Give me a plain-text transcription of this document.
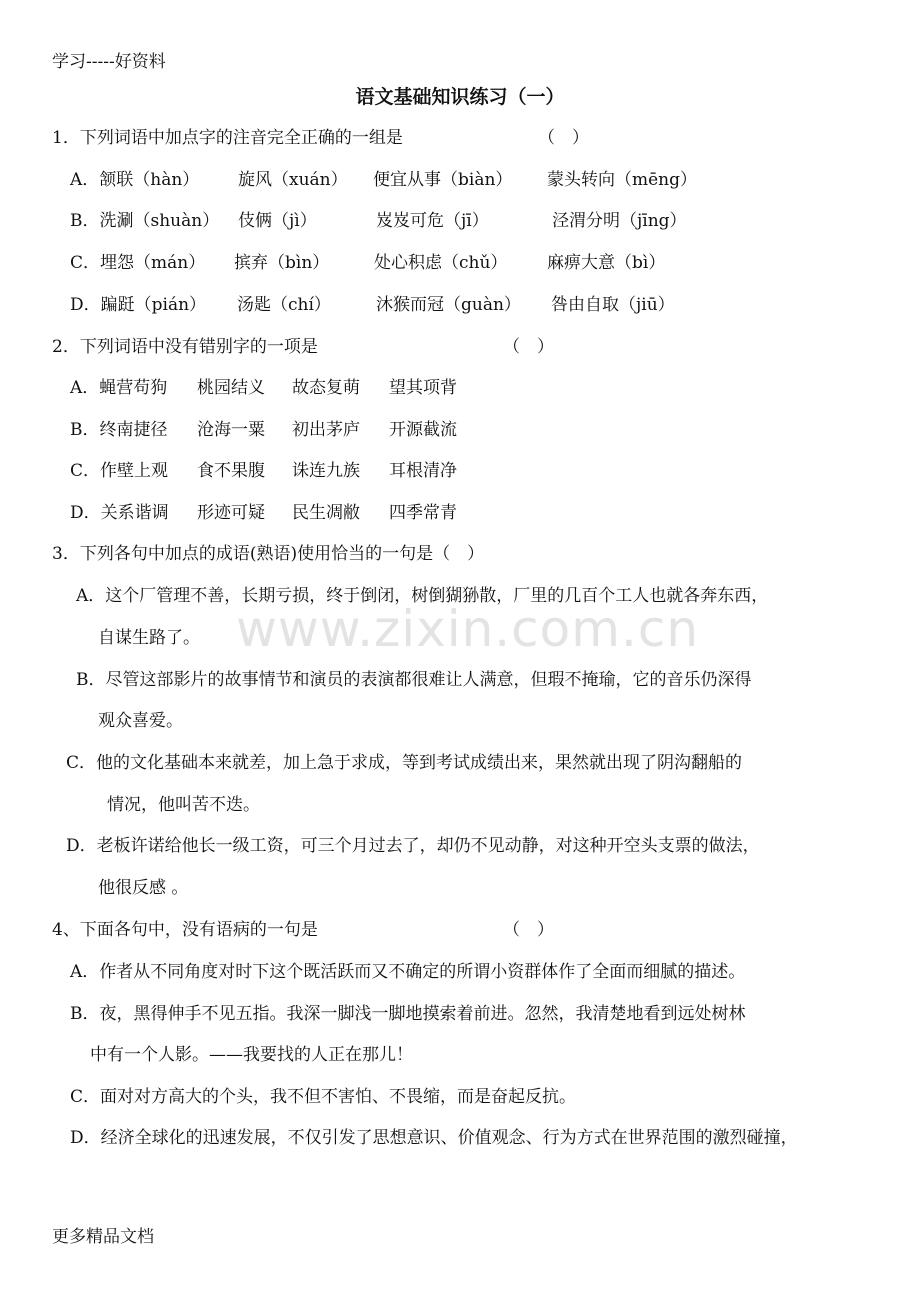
学习-----好资料
语文基础知识练习（一）
www.zixin.com.cn
1．下列词语中加点字的注音完全正确的一组是	（　）
A．颔联（hàn） 旋风（xuán） 便宜从事（biàn） 蒙头转向（mēng）
B．洗涮（shuàn） 伎俩（jì）	岌岌可危（jī）	泾渭分明（jīng）
C．埋怨（mán） 摈弃（bìn）	处心积虑（chǔ） 麻痹大意（bì）
D．蹁跹（pián） 汤匙（chí）	沐猴而冠（guàn） 咎由自取（jiū）
2．下列词语中没有错别字的一项是	（　）
A．蝇营苟狗 桃园结义 故态复萌 望其项背
B．终南捷径 沧海一粟 初出茅庐 开源截流
C．作壁上观 食不果腹 诛连九族 耳根清净
D．关系谐调 形迹可疑 民生凋敝 四季常青
3．下列各句中加点的成语(熟语)使用恰当的一句是（　）
A．这个厂管理不善，长期亏损，终于倒闭，树倒猢狲散，厂里的几百个工人也就各奔东西，
自谋生路了。
B．尽管这部影片的故事情节和演员的表演都很难让人满意，但瑕不掩瑜，它的音乐仍深得
观众喜爱。
C．他的文化基础本来就差，加上急于求成，等到考试成绩出来，果然就出现了阴沟翻船的
情况，他叫苦不迭。
D．老板许诺给他长一级工资，可三个月过去了，却仍不见动静，对这种开空头支票的做法，
他很反感 。
4、下面各句中，没有语病的一句是	（　）
A．作者从不同角度对时下这个既活跃而又不确定的所谓小资群体作了全面而细腻的描述。
B．夜，黑得伸手不见五指。我深一脚浅一脚地摸索着前进。忽然，我清楚地看到远处树林
中有一个人影。——我要找的人正在那儿！
C．面对对方高大的个头，我不但不害怕、不畏缩，而是奋起反抗。
D．经济全球化的迅速发展，不仅引发了思想意识、价值观念、行为方式在世界范围的激烈碰撞，
更多精品文档
